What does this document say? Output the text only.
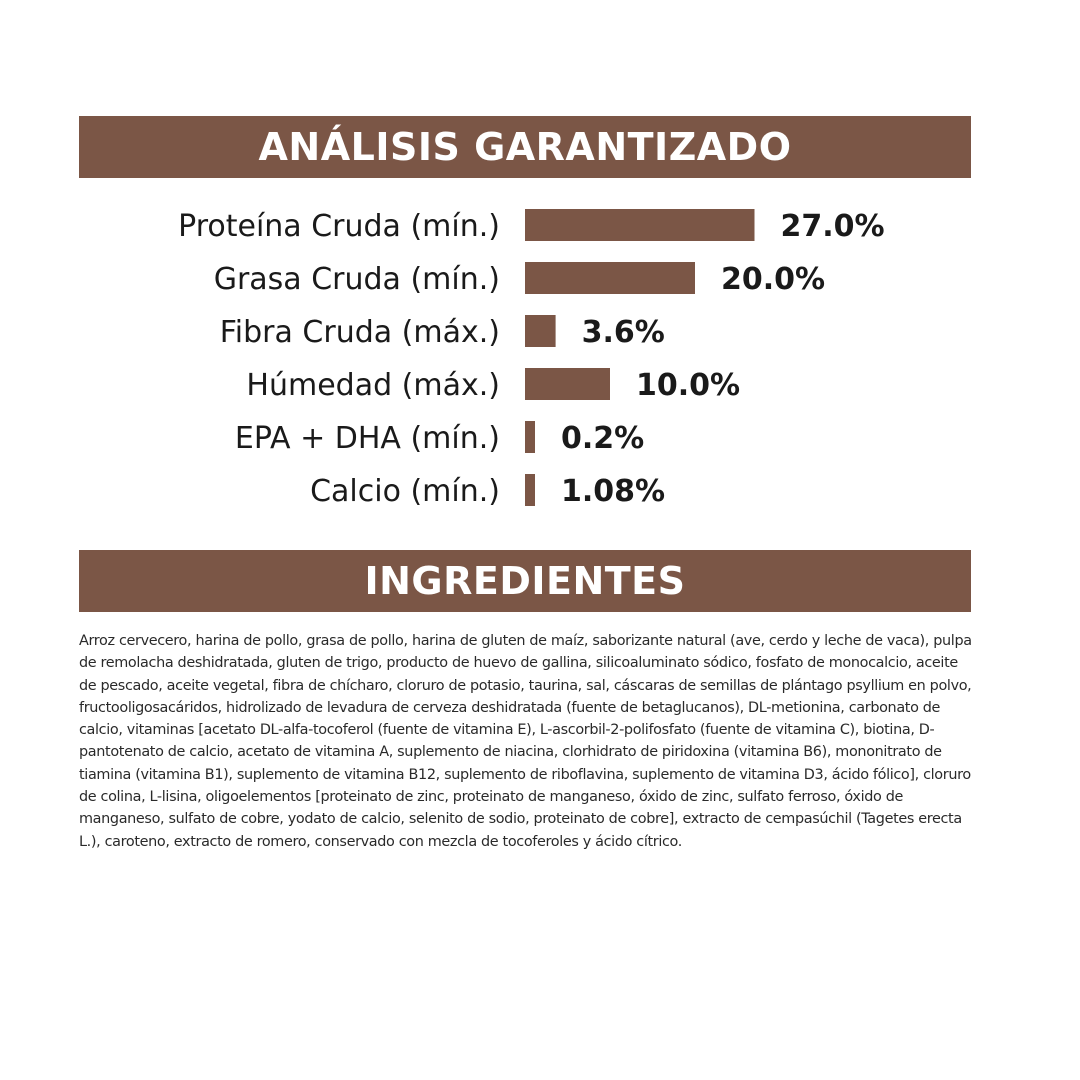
ANÁLISIS GARANTIZADO
Proteína Cruda (mín.)	27.0%
Grasa Cruda (mín.)	20.0%
Fibra Cruda (máx.)	3.6%
Húmedad (máx.)	10.0%
EPA + DHA (mín.) 0.2%
Calcio (mín.) 1.08%
INGREDIENTES

Arroz cervecero, harina de pollo, grasa de pollo, harina de gluten de maíz, saborizante natural (ave, cerdo y leche de vaca), pulpa de remolacha deshidratada, gluten de trigo, producto de huevo de gallina, silicoaluminato sódico, fosfato de monocalcio, aceite de pescado, aceite vegetal, fibra de chícharo, cloruro de potasio, taurina, sal, cáscaras de semillas de plántago psyllium en polvo, fructooligosacáridos, hidrolizado de levadura de cerveza deshidratada (fuente de betaglucanos), DL-metionina, carbonato de calcio, vitaminas [acetato DL-alfa-tocoferol (fuente de vitamina E), L-ascorbil-2-polifosfato (fuente de vitamina C), biotina, D-pantotenato de calcio, acetato de vitamina A, suplemento de niacina, clorhidrato de piridoxina (vitamina B6), mononitrato de tiamina (vitamina B1), suplemento de vitamina B12, suplemento de riboflavina, suplemento de vitamina D3, ácido fólico], cloruro de colina, L-lisina, oligoelementos [proteinato de zinc, proteinato de manganeso, óxido de zinc, sulfato ferroso, óxido de manganeso, sulfato de cobre, yodato de calcio, selenito de sodio, proteinato de cobre], extracto de cempasúchil (Tagetes erecta L.), caroteno, extracto de romero, conservado con mezcla de tocoferoles y ácido cítrico.
